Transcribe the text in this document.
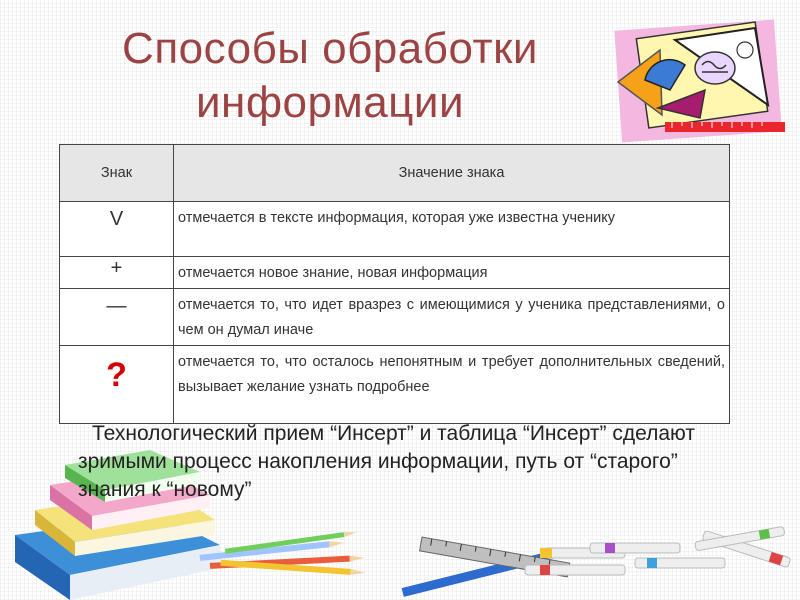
Способы обработки
информации
Знак	Значение знака
V	отмечается в тексте информация, которая уже известна ученику
+	отмечается новое знание, новая информация
—	отмечается то, что идет вразрез с имеющимися у ученика представлениями, о чем он думал иначе
?	отмечается то, что осталось непонятным и требует дополнительных сведений, вызывает желание узнать подробнее
Технологический прием “Инсерт” и таблица “Инсерт” сделают зримыми процесс накопления информации, путь от “старого” знания к “новому”
